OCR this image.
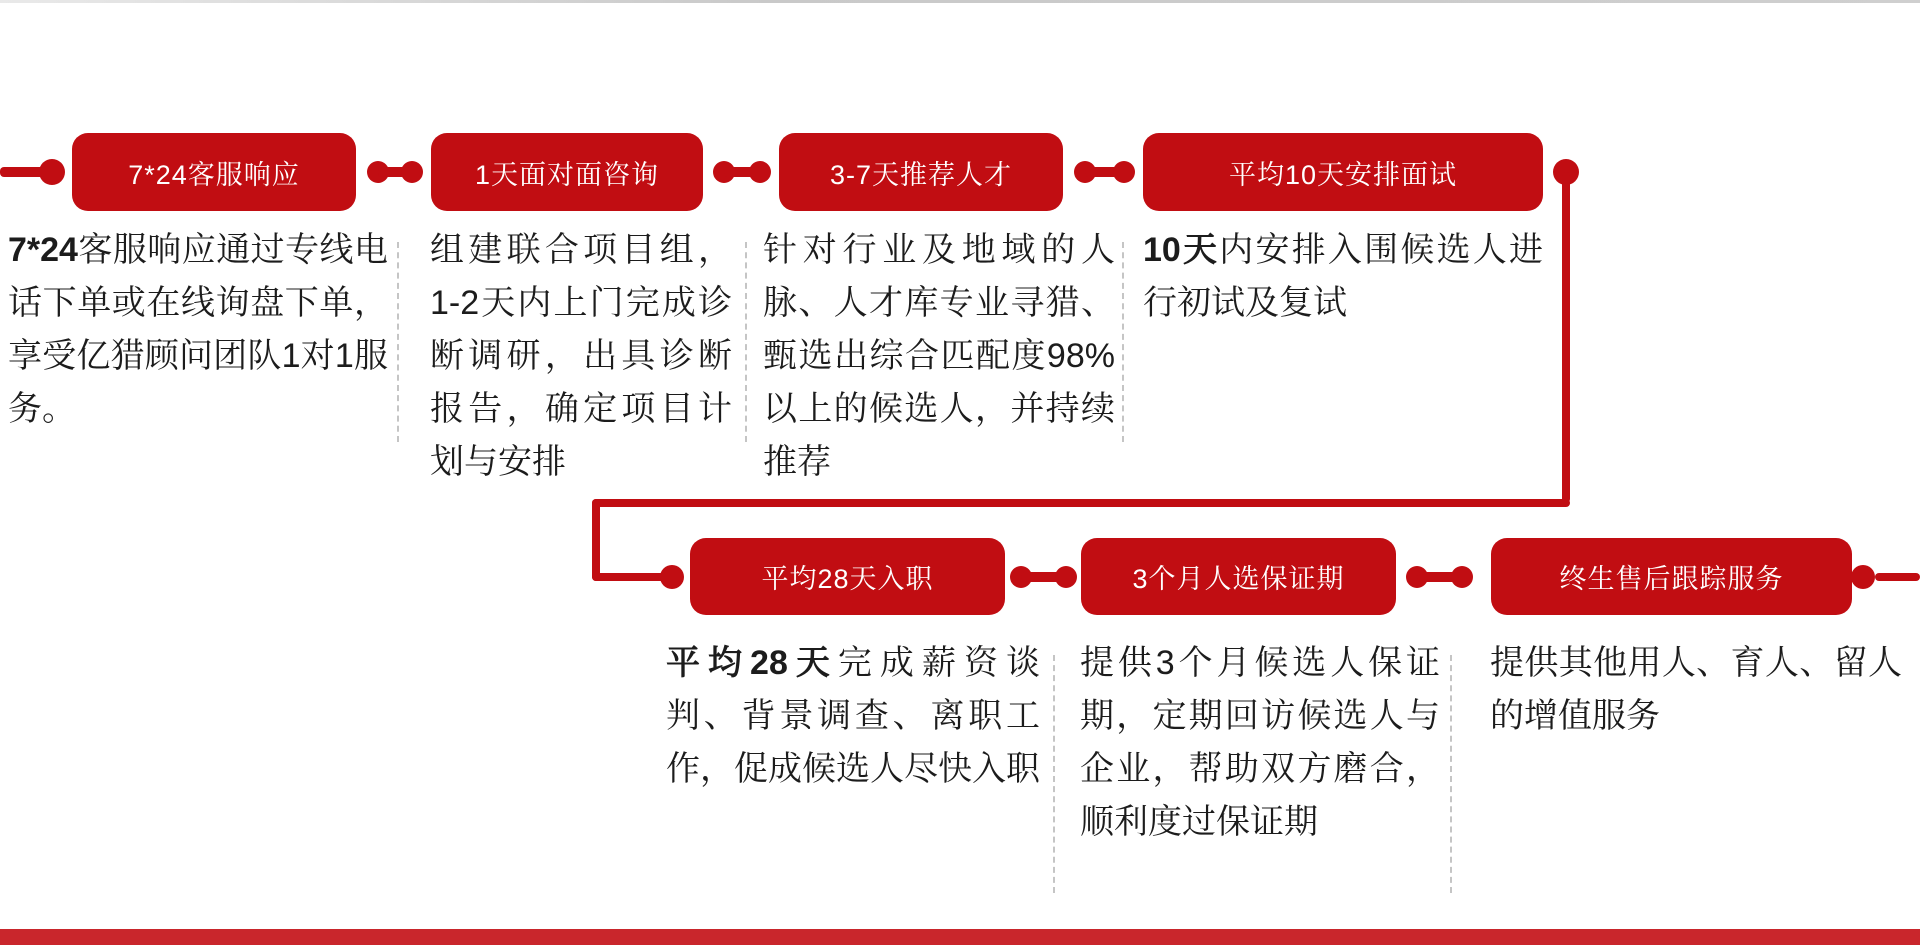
7*24客服响应	1天面对面咨询	3-7天推荐人才	平均10天安排面试
平均28天入职	3个月人选保证期	终生售后跟踪服务

7*24客服响应通过专线电话下单或在线询盘下单，享受亿猎顾问团队1对1服务。

组建联合项目组，1-2天内上门完成诊断调研，出具诊断报告，确定项目计划与安排

针对行业及地域的人脉、人才库专业寻猎、甄选出综合匹配度98%以上的候选人，并持续推荐

10天内安排入围候选人进行初试及复试

平均28天完成薪资谈判、背景调查、离职工作，促成候选人尽快入职

提供3个月候选人保证期，定期回访候选人与企业，帮助双方磨合，顺利度过保证期

提供其他用人、育人、留人的增值服务
